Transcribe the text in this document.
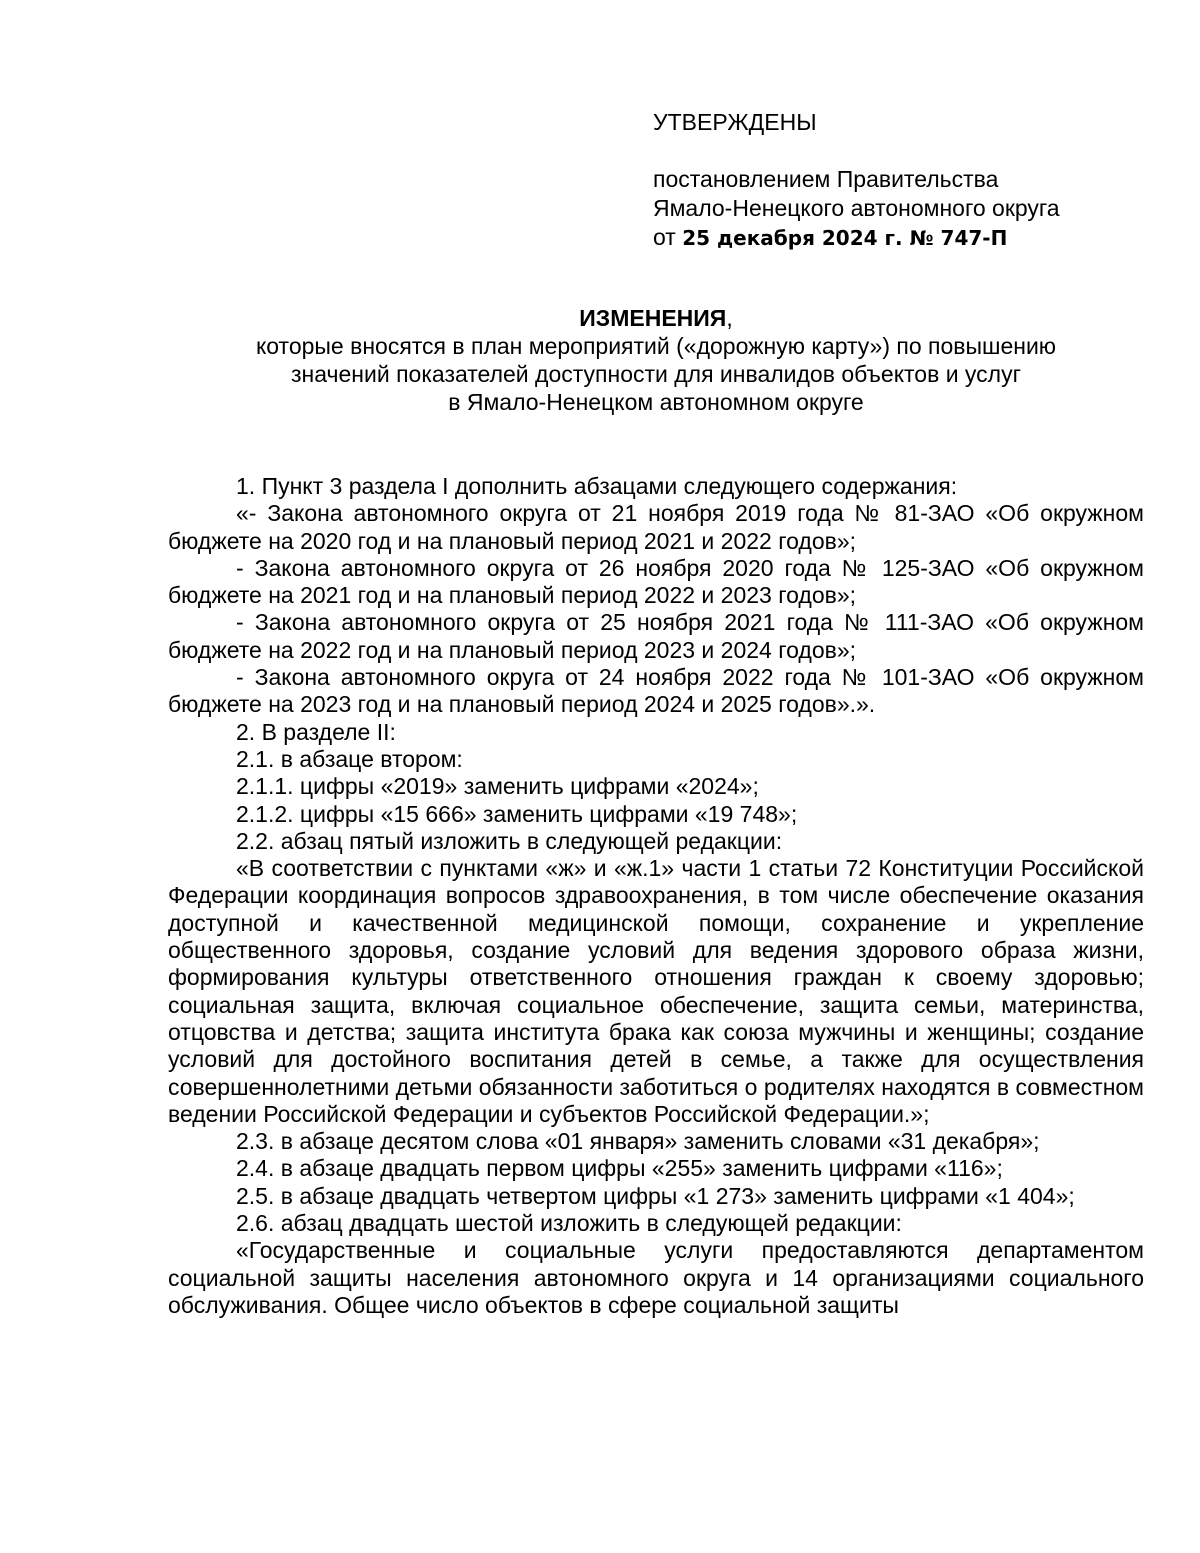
УТВЕРЖДЕНЫ
постановлением Правительства
Ямало-Ненецкого автономного округа
от 25 декабря 2024 г. № 747-П
ИЗМЕНЕНИЯ,
которые вносятся в план мероприятий («дорожную карту») по повышению
значений показателей доступности для инвалидов объектов и услуг
в Ямало-Ненецком автономном округе

1. Пункт 3 раздела I дополнить абзацами следующего содержания:

«- Закона автономного округа от 21 ноября 2019 года № 81-ЗАО «Об окружном бюджете на 2020 год и на плановый период 2021 и 2022 годов»;

- Закона автономного округа от 26 ноября 2020 года № 125-ЗАО «Об окружном бюджете на 2021 год и на плановый период 2022 и 2023 годов»;

- Закона автономного округа от 25 ноября 2021 года № 111-ЗАО «Об окружном бюджете на 2022 год и на плановый период 2023 и 2024 годов»;

- Закона автономного округа от 24 ноября 2022 года № 101-ЗАО «Об окружном бюджете на 2023 год и на плановый период 2024 и 2025 годов».».

2. В разделе II:

2.1. в абзаце втором:

2.1.1. цифры «2019» заменить цифрами «2024»;

2.1.2. цифры «15 666» заменить цифрами «19 748»;

2.2. абзац пятый изложить в следующей редакции:

«В соответствии с пунктами «ж» и «ж.1» части 1 статьи 72 Конституции Российской Федерации координация вопросов здравоохранения, в том числе обеспечение оказания доступной и качественной медицинской помощи, сохранение и укрепление общественного здоровья, создание условий для ведения здорового образа жизни, формирования культуры ответственного отношения граждан к своему здоровью; социальная защита, включая социальное обеспечение, защита семьи, материнства, отцовства и детства; защита института брака как союза мужчины и женщины; создание условий для достойного воспитания детей в семье, а также для осуществления совершеннолетними детьми обязанности заботиться о родителях находятся в совместном ведении Российской Федерации и субъектов Российской Федерации.»;

2.3. в абзаце десятом слова «01 января» заменить словами «31 декабря»;

2.4. в абзаце двадцать первом цифры «255» заменить цифрами «116»;

2.5. в абзаце двадцать четвертом цифры «1 273» заменить цифрами «1 404»;

2.6. абзац двадцать шестой изложить в следующей редакции:

«Государственные и социальные услуги предоставляются департаментом социальной защиты населения автономного округа и 14 организациями социального обслуживания. Общее число объектов в сфере социальной защиты
